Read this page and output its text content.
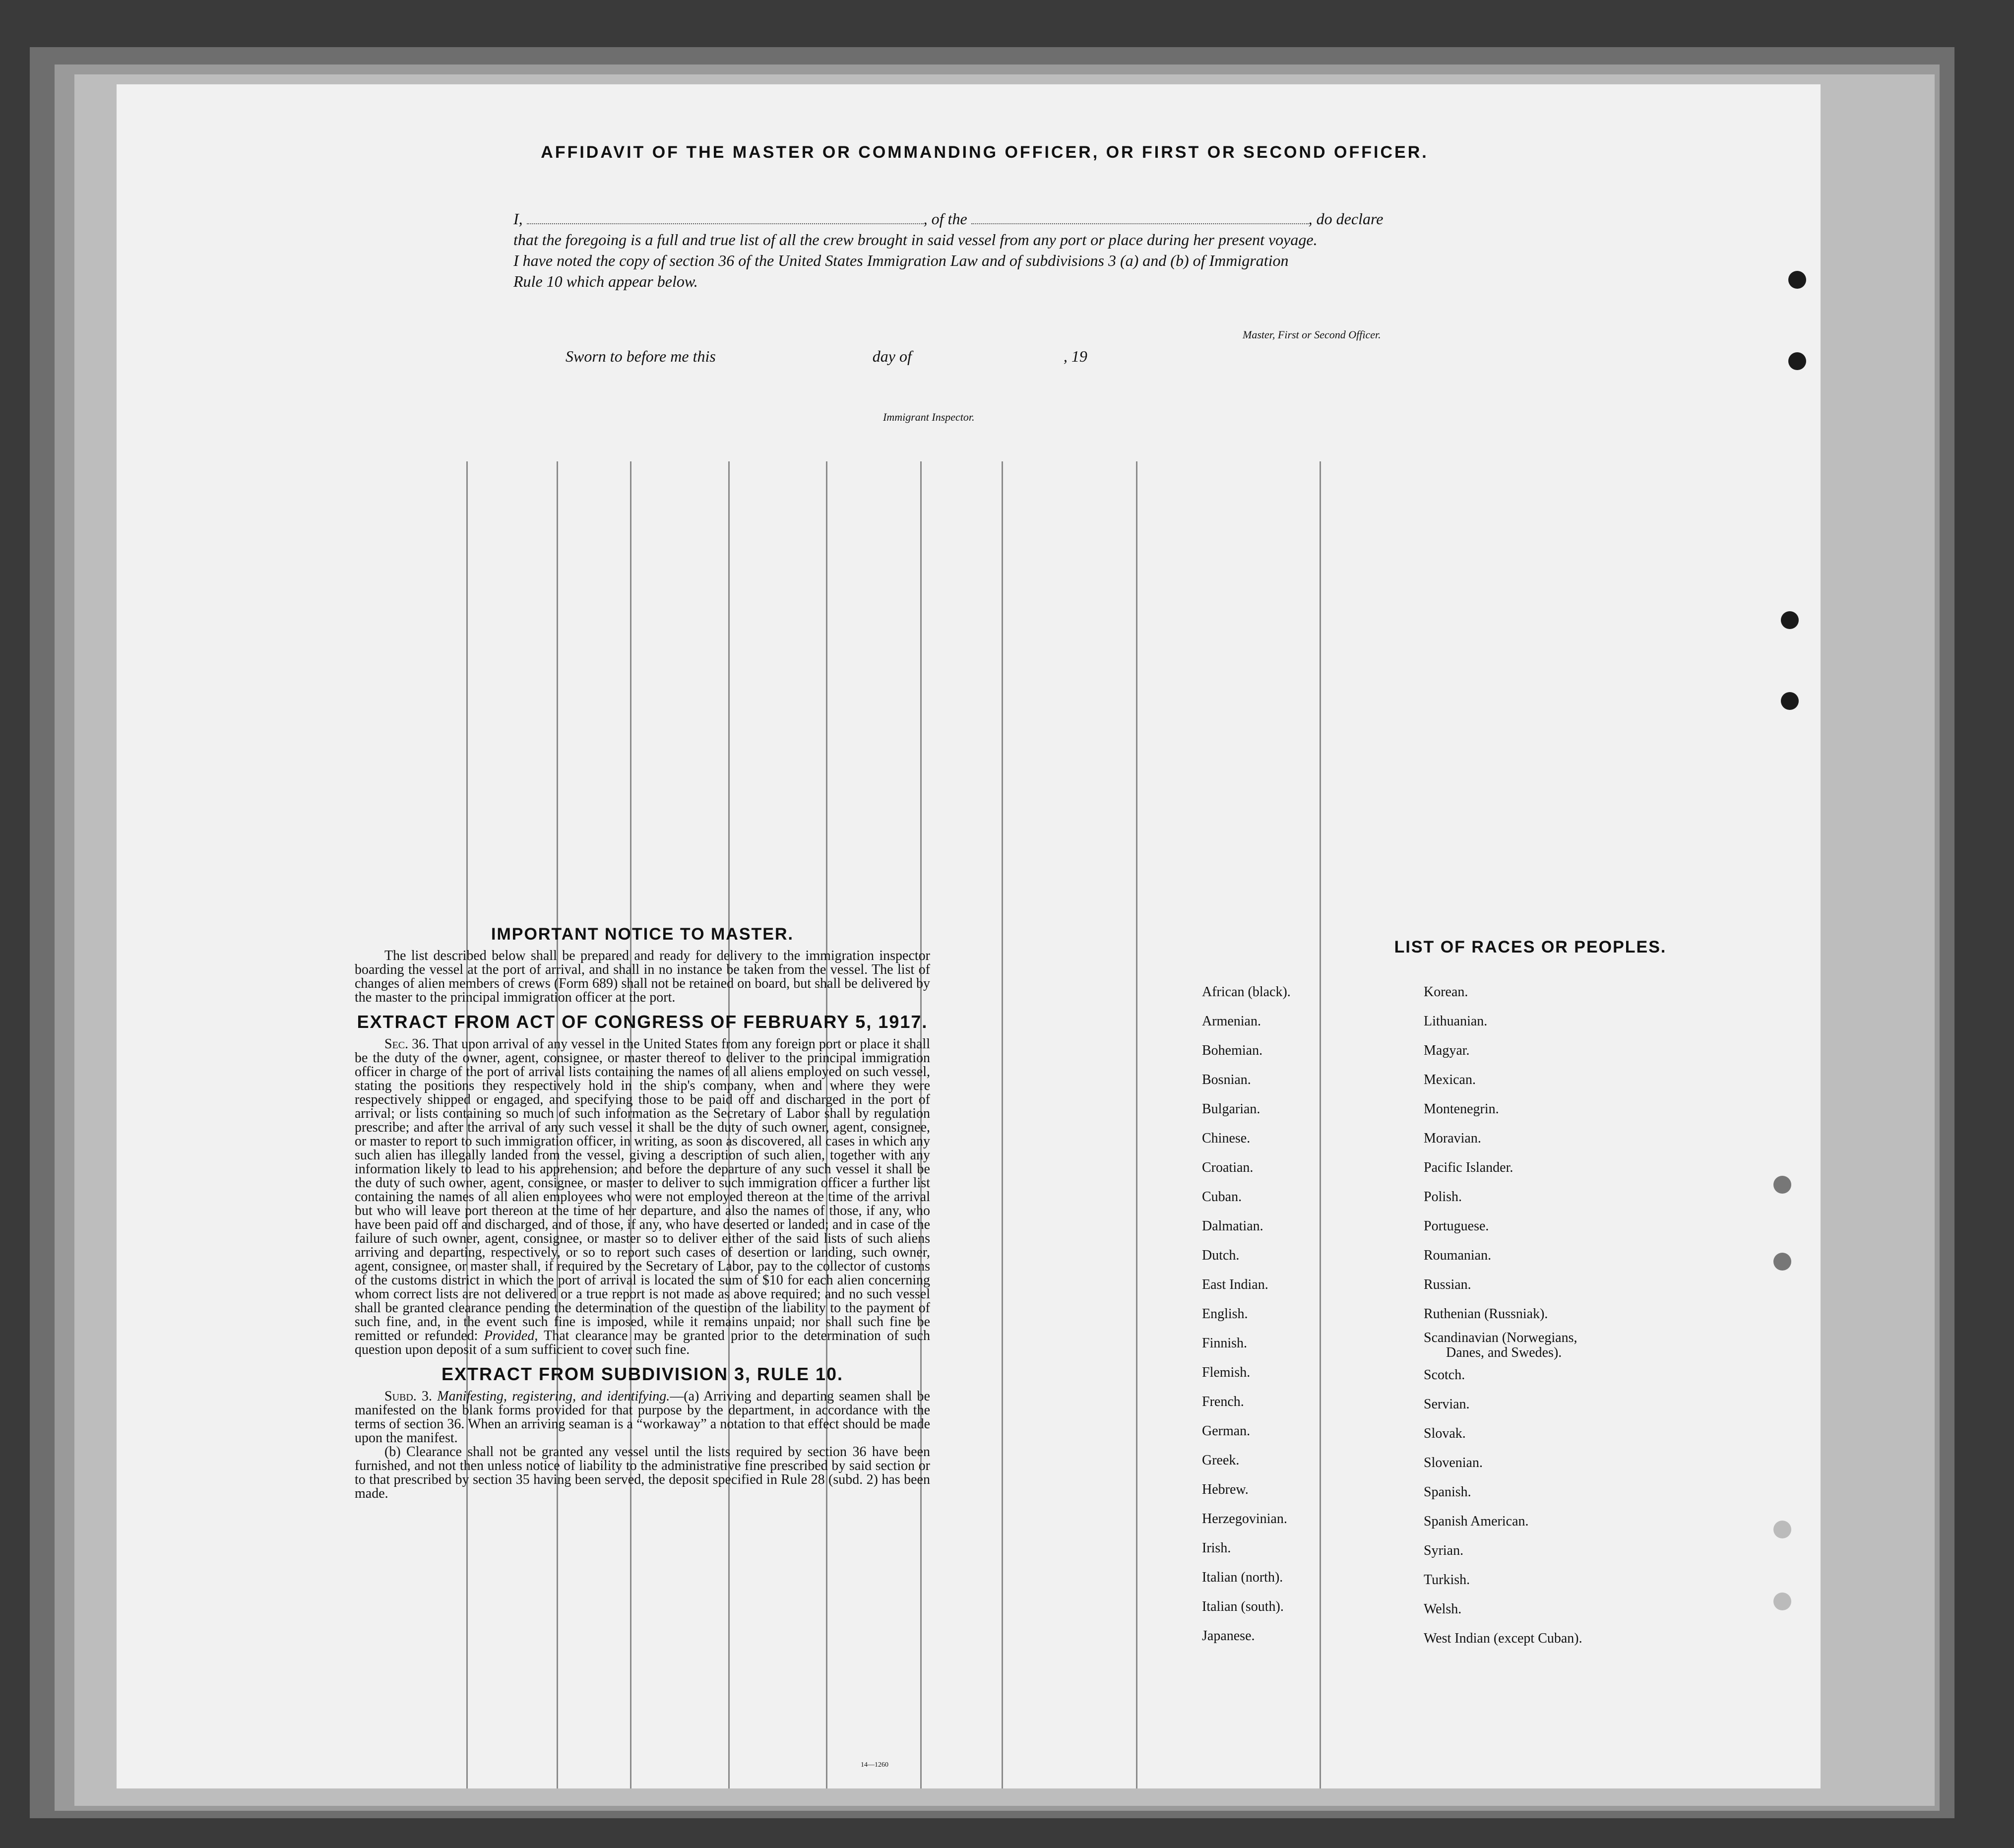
AFFIDAVIT OF THE MASTER OR COMMANDING OFFICER, OR FIRST OR SECOND OFFICER.
I,	, of the	, do declare
that the foregoing is a full and true list of all the crew brought in said vessel from any port or place during her present voyage.
I have noted the copy of section 36 of the United States Immigration Law and of subdivisions 3 (a) and (b) of Immigration
Rule 10 which appear below.
Master, First or Second Officer.
Sworn to before me this	day of	, 19
Immigrant Inspector.
IMPORTANT NOTICE TO MASTER.

The list described below shall be prepared and ready for delivery to the immigration inspector boarding the vessel at the port of arrival, and shall in no instance be taken from the vessel. The list of changes of alien members of crews (Form 689) shall not be retained on board, but shall be delivered by the master to the principal immigration officer at the port.

EXTRACT FROM ACT OF CONGRESS OF FEBRUARY 5, 1917.

Sec. 36. That upon arrival of any vessel in the United States from any foreign port or place it shall be the duty of the owner, agent, consignee, or master thereof to deliver to the principal immigration officer in charge of the port of arrival lists containing the names of all aliens employed on such vessel, stating the positions they respectively hold in the ship's company, when and where they were respectively shipped or engaged, and specifying those to be paid off and discharged in the port of arrival; or lists containing so much of such information as the Secretary of Labor shall by regulation prescribe; and after the arrival of any such vessel it shall be the duty of such owner, agent, consignee, or master to report to such immigration officer, in writing, as soon as discovered, all cases in which any such alien has illegally landed from the vessel, giving a description of such alien, together with any information likely to lead to his apprehension; and before the departure of any such vessel it shall be the duty of such owner, agent, consignee, or master to deliver to such immigration officer a further list containing the names of all alien employees who were not employed thereon at the time of the arrival but who will leave port thereon at the time of her departure, and also the names of those, if any, who have been paid off and discharged, and of those, if any, who have deserted or landed; and in case of the failure of such owner, agent, consignee, or master so to deliver either of the said lists of such aliens arriving and departing, respectively, or so to report such cases of desertion or landing, such owner, agent, consignee, or master shall, if required by the Secretary of Labor, pay to the collector of customs of the customs district in which the port of arrival is located the sum of $10 for each alien concerning whom correct lists are not delivered or a true report is not made as above required; and no such vessel shall be granted clearance pending the determination of the question of the liability to the payment of such fine, and, in the event such fine is imposed, while it remains unpaid; nor shall such fine be remitted or refunded: Provided, That clearance may be granted prior to the determination of such question upon deposit of a sum sufficient to cover such fine.

EXTRACT FROM SUBDIVISION 3, RULE 10.

Subd. 3. Manifesting, registering, and identifying.—(a) Arriving and departing seamen shall be manifested on the blank forms provided for that purpose by the department, in accordance with the terms of section 36. When an arriving seaman is a “workaway” a notation to that effect should be made upon the manifest.

(b) Clearance shall not be granted any vessel until the lists required by section 36 have been furnished, and not then unless notice of liability to the administrative fine prescribed by said section or to that prescribed by section 35 having been served, the deposit specified in Rule 28 (subd. 2) has been made.

14—1260
LIST OF RACES OR PEOPLES.
African (black).
Armenian.
Bohemian.
Bosnian.
Bulgarian.
Chinese.
Croatian.
Cuban.
Dalmatian.
Dutch.
East Indian.
English.
Finnish.
Flemish.
French.
German.
Greek.
Hebrew.
Herzegovinian.
Irish.
Italian (north).
Italian (south).
Japanese.
Korean.
Lithuanian.
Magyar.
Mexican.
Montenegrin.
Moravian.
Pacific Islander.
Polish.
Portuguese.
Roumanian.
Russian.
Ruthenian (Russniak).
Scandinavian (Norwegians,
Danes, and Swedes).
Scotch.
Servian.
Slovak.
Slovenian.
Spanish.
Spanish American.
Syrian.
Turkish.
Welsh.
West Indian (except Cuban).
